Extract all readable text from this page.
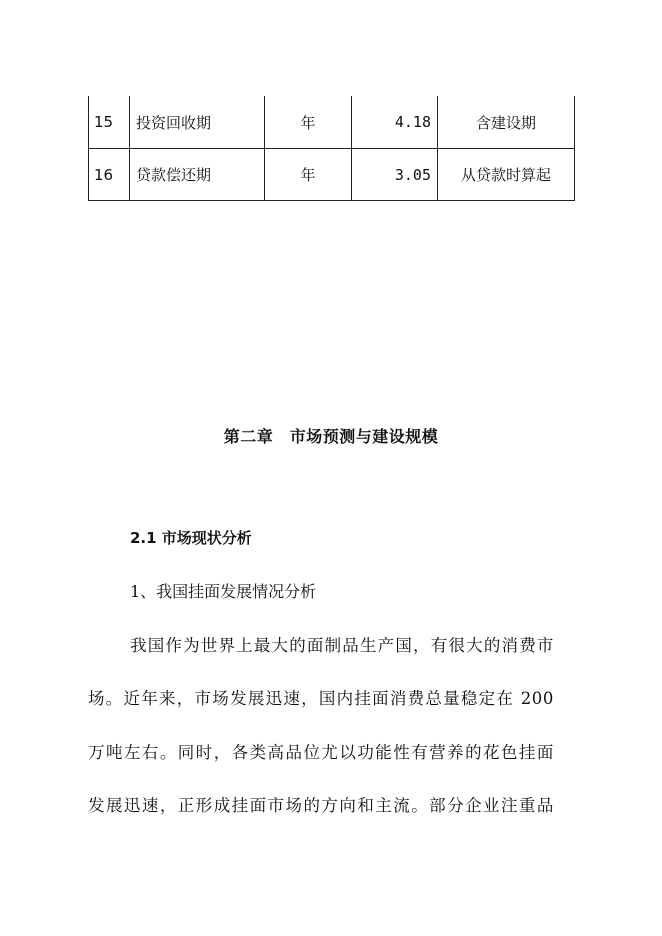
15	投资回收期	年	4.18	含建设期
16	贷款偿还期	年	3.05	从贷款时算起
第二章　市场预测与建设规模
2.1 市场现状分析
1、我国挂面发展情况分析
我国作为世界上最大的面制品生产国，有很大的消费市
场。近年来，市场发展迅速，国内挂面消费总量稳定在 200
万吨左右。同时，各类高品位尤以功能性有营养的花色挂面
发展迅速，正形成挂面市场的方向和主流。部分企业注重品
